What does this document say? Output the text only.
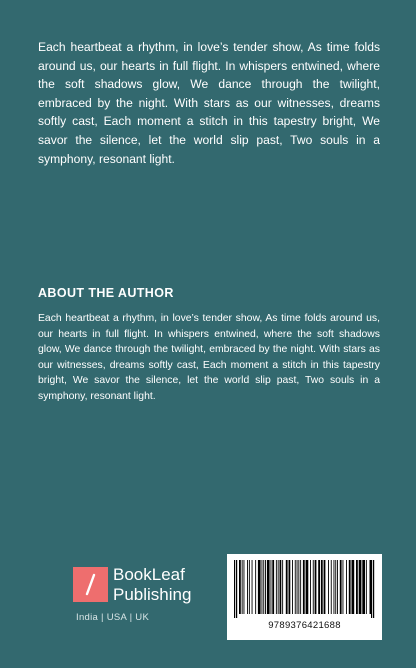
Each heartbeat a rhythm, in love’s tender show, As time folds around us, our hearts in full flight. In whispers entwined, where the soft shadows glow, We dance through the twilight, embraced by the night. With stars as our witnesses, dreams softly cast, Each moment a stitch in this tapestry bright, We savor the silence, let the world slip past, Two souls in a symphony, resonant light.

ABOUT THE AUTHOR

Each heartbeat a rhythm, in love’s tender show, As time folds around us, our hearts in full flight. In whispers entwined, where the soft shadows glow, We dance through the twilight, embraced by the night. With stars as our witnesses, dreams softly cast, Each moment a stitch in this tapestry bright, We savor the silence, let the world slip past, Two souls in a symphony, resonant light.

BookLeaf
Publishing
India | USA | UK
9789376421688
